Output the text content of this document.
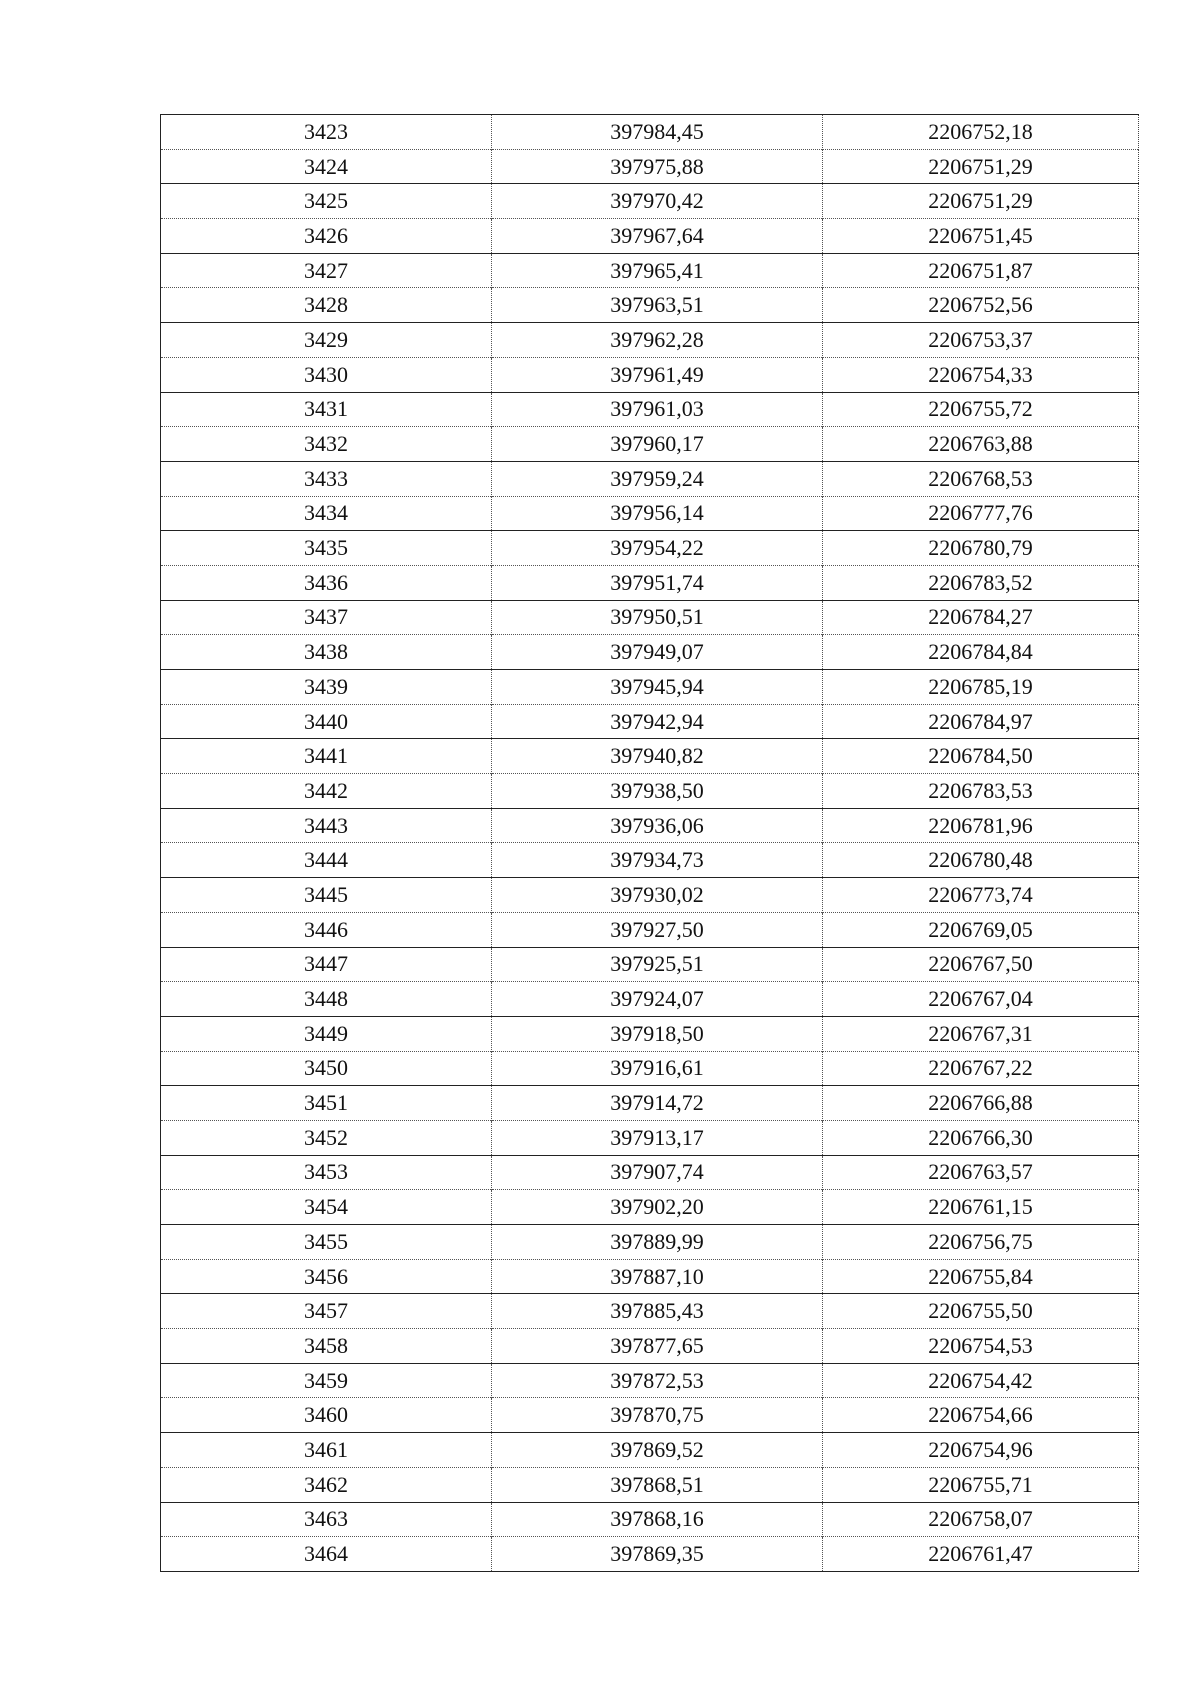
3423	397984,45	2206752,18
3424	397975,88	2206751,29
3425	397970,42	2206751,29
3426	397967,64	2206751,45
3427	397965,41	2206751,87
3428	397963,51	2206752,56
3429	397962,28	2206753,37
3430	397961,49	2206754,33
3431	397961,03	2206755,72
3432	397960,17	2206763,88
3433	397959,24	2206768,53
3434	397956,14	2206777,76
3435	397954,22	2206780,79
3436	397951,74	2206783,52
3437	397950,51	2206784,27
3438	397949,07	2206784,84
3439	397945,94	2206785,19
3440	397942,94	2206784,97
3441	397940,82	2206784,50
3442	397938,50	2206783,53
3443	397936,06	2206781,96
3444	397934,73	2206780,48
3445	397930,02	2206773,74
3446	397927,50	2206769,05
3447	397925,51	2206767,50
3448	397924,07	2206767,04
3449	397918,50	2206767,31
3450	397916,61	2206767,22
3451	397914,72	2206766,88
3452	397913,17	2206766,30
3453	397907,74	2206763,57
3454	397902,20	2206761,15
3455	397889,99	2206756,75
3456	397887,10	2206755,84
3457	397885,43	2206755,50
3458	397877,65	2206754,53
3459	397872,53	2206754,42
3460	397870,75	2206754,66
3461	397869,52	2206754,96
3462	397868,51	2206755,71
3463	397868,16	2206758,07
3464	397869,35	2206761,47
